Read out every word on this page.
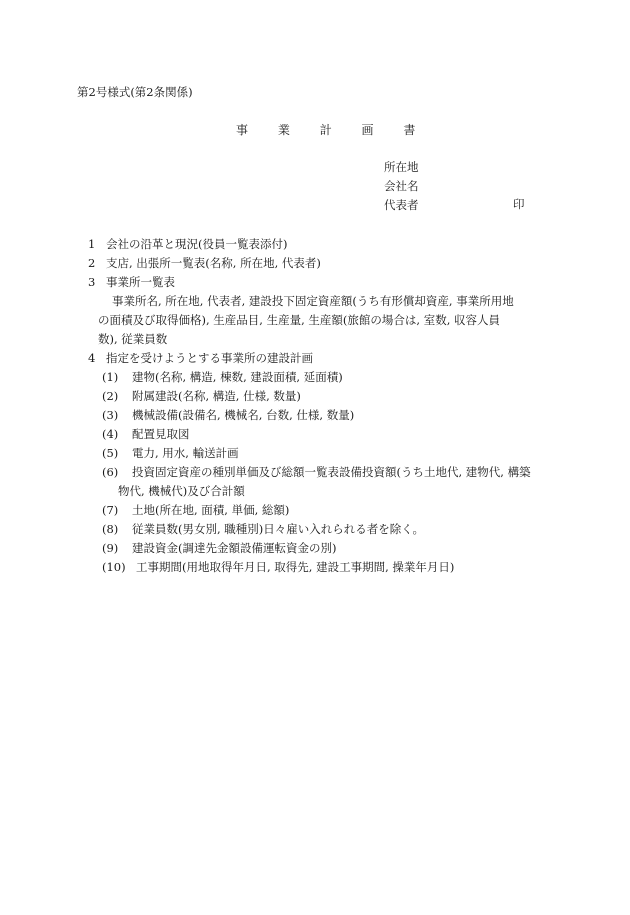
第2号様式(第2条関係)
事 業 計 画 書
所在地
会社名
代表者	印
1 会社の沿革と現況(役員一覧表添付)
2 支店, 出張所一覧表(名称, 所在地, 代表者)
3 事業所一覧表
事業所名, 所在地, 代表者, 建設投下固定資産額(うち有形償却資産, 事業所用地
の面積及び取得価格), 生産品目, 生産量, 生産額(旅館の場合は, 室数, 収容人員
数), 従業員数
4 指定を受けようとする事業所の建設計画
(1) 建物(名称, 構造, 棟数, 建設面積, 延面積)
(2) 附属建設(名称, 構造, 仕様, 数量)
(3) 機械設備(設備名, 機械名, 台数, 仕様, 数量)
(4) 配置見取図
(5) 電力, 用水, 輸送計画
(6) 投資固定資産の種別単価及び総額一覧表設備投資額(うち土地代, 建物代, 構築
物代, 機械代)及び合計額
(7) 土地(所在地, 面積, 単価, 総額)
(8) 従業員数(男女別, 職種別)日々雇い入れられる者を除く。
(9) 建設資金(調達先金額設備運転資金の別)
(10) 工事期間(用地取得年月日, 取得先, 建設工事期間, 操業年月日)
